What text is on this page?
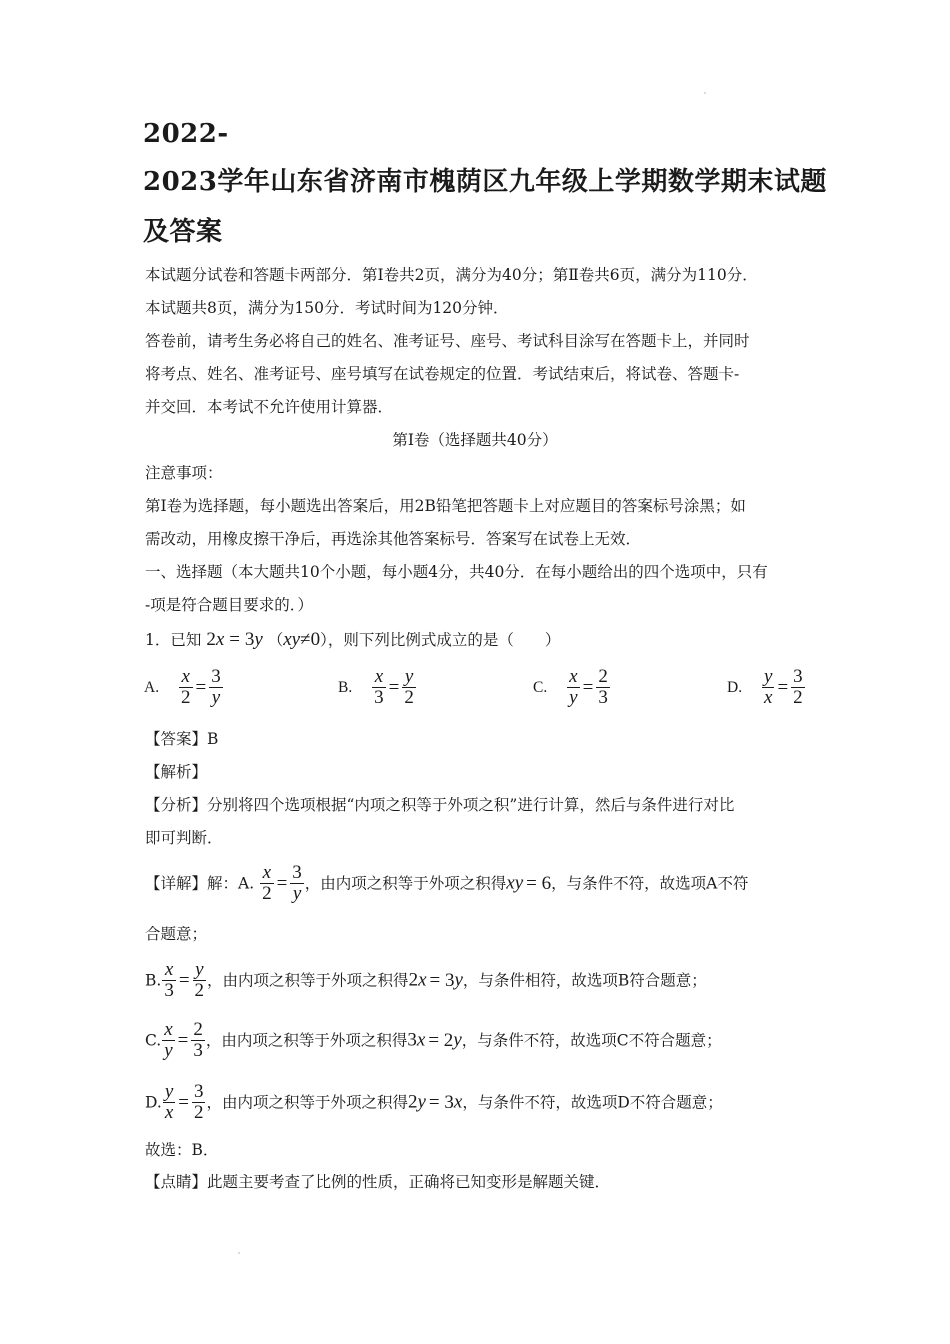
2022-
2023学年山东省济南市槐荫区九年级上学期数学期末试题
及答案
本试题分试卷和答题卡两部分．第Ⅰ卷共2页，满分为40分；第Ⅱ卷共6页，满分为110分．
本试题共8页，满分为150分．考试时间为120分钟．
答卷前，请考生务必将自己的姓名、准考证号、座号、考试科目涂写在答题卡上，并同时
将考点、姓名、准考证号、座号填写在试卷规定的位置．考试结束后，将试卷、答题卡-
并交回．本考试不允许使用计算器．
第Ⅰ卷（选择题共40分）
注意事项：
第Ⅰ卷为选择题，每小题选出答案后，用2B铅笔把答题卡上对应题目的答案标号涂黑；如
需改动，用橡皮擦干净后，再选涂其他答案标号．答案写在试卷上无效．
一、选择题（本大题共10个小题，每小题4分，共40分．在每小题给出的四个选项中，只有
-项是符合题目要求的．）
1．已知 2x = 3y （xy≠0），则下列比例式成立的是（　　）
A. $\frac{x}{2} = \frac{3}{y}$	B. $\frac{x}{3} = \frac{y}{2}$	C. $\frac{x}{y} = \frac{2}{3}$	D. $\frac{y}{x} = \frac{3}{2}$
【答案】B
【解析】
【分析】分别将四个选项根据“内项之积等于外项之积”进行计算，然后与条件进行对比
即可判断．
【详解】解：A. $\frac{x}{2} = \frac{3}{y}$ ，由内项之积等于外项之积得xy = 6，与条件不符，故选项A不符
合题意；
B. $\frac{x}{3} = \frac{y}{2}$ ，由内项之积等于外项之积得2x = 3y，与条件相符，故选项B符合题意；
C. $\frac{x}{y} = \frac{2}{3}$ ，由内项之积等于外项之积得3x = 2y，与条件不符，故选项C不符合题意；
D. $\frac{y}{x} = \frac{3}{2}$ ，由内项之积等于外项之积得2y = 3x，与条件不符，故选项D不符合题意；
故选：B．
【点睛】此题主要考查了比例的性质，正确将已知变形是解题关键．
